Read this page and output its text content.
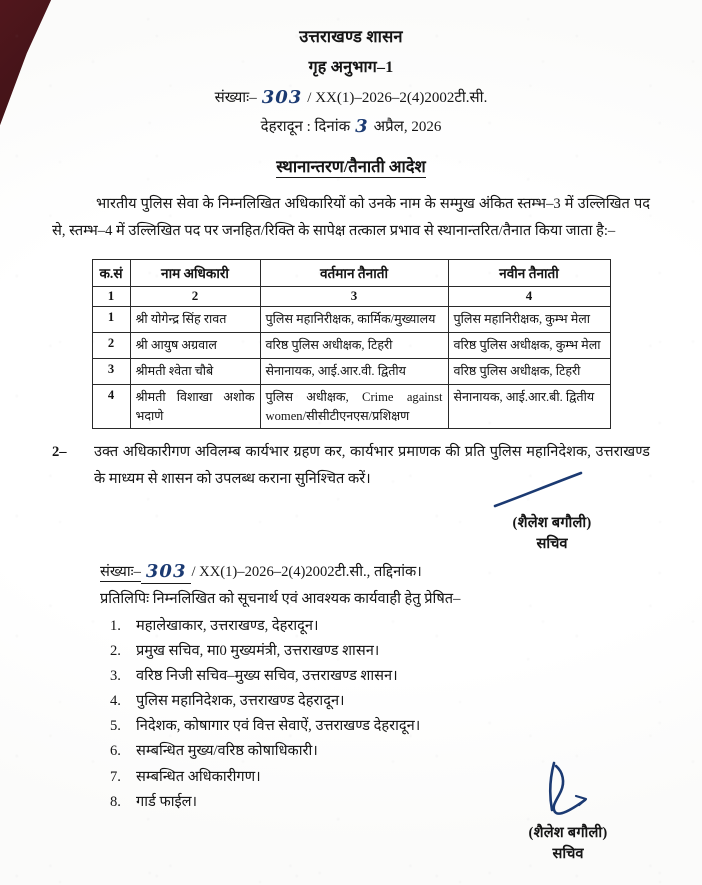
उत्तराखण्ड शासन
गृह अनुभाग–1
संख्याः– 303 / XX(1)–2026–2(4)2002टी.सी.
देहरादून : दिनांक 3 अप्रैल, 2026
स्थानान्तरण/तैनाती आदेश

भारतीय पुलिस सेवा के निम्नलिखित अधिकारियों को उनके नाम के सम्मुख अंकित स्तम्भ–3 में उल्लिखित पद से, स्तम्भ–4 में उल्लिखित पद पर जनहित/रिक्ति के सापेक्ष तत्काल प्रभाव से स्थानान्तरित/तैनात किया जाता है:–

क.सं	नाम अधिकारी	वर्तमान तैनाती	नवीन तैनाती
1	2	3	4
1	श्री योगेन्द्र सिंह रावत	पुलिस महानिरीक्षक, कार्मिक/मुख्यालय	पुलिस महानिरीक्षक, कुम्भ मेला
2	श्री आयुष अग्रवाल	वरिष्ठ पुलिस अधीक्षक, टिहरी	वरिष्ठ पुलिस अधीक्षक, कुम्भ मेला
3	श्रीमती श्वेता चौबे	सेनानायक, आई.आर.वी. द्वितीय	वरिष्ठ पुलिस अधीक्षक, टिहरी
4	श्रीमती विशाखा अशोक भदाणे	पुलिस अधीक्षक, Crime against women/सीसीटीएनएस/प्रशिक्षण	सेनानायक, आई.आर.बी. द्वितीय
2–	उक्त अधिकारीगण अविलम्ब कार्यभार ग्रहण कर, कार्यभार प्रमाणक की प्रति पुलिस महानिदेशक, उत्तराखण्ड के माध्यम से शासन को उपलब्ध कराना सुनिश्चित करें।

(शैलेश बगौली)
सचिव
संख्याः– 303 / XX(1)–2026–2(4)2002टी.सी., तद्दिनांक।
प्रतिलिपिः निम्नलिखित को सूचनार्थ एवं आवश्यक कार्यवाही हेतु प्रेषित–
1.	महालेखाकार, उत्तराखण्ड, देहरादून।
2.	प्रमुख सचिव, मा0 मुख्यमंत्री, उत्तराखण्ड शासन।
3.	वरिष्ठ निजी सचिव–मुख्य सचिव, उत्तराखण्ड शासन।
4.	पुलिस महानिदेशक, उत्तराखण्ड देहरादून।
5.	निदेशक, कोषागार एवं वित्त सेवाऐं, उत्तराखण्ड देहरादून।
6.	सम्बन्धित मुख्य/वरिष्ठ कोषाधिकारी।
7.	सम्बन्धित अधिकारीगण।
8.	गार्ड फाईल।
(शैलेश बगौली)
सचिव
